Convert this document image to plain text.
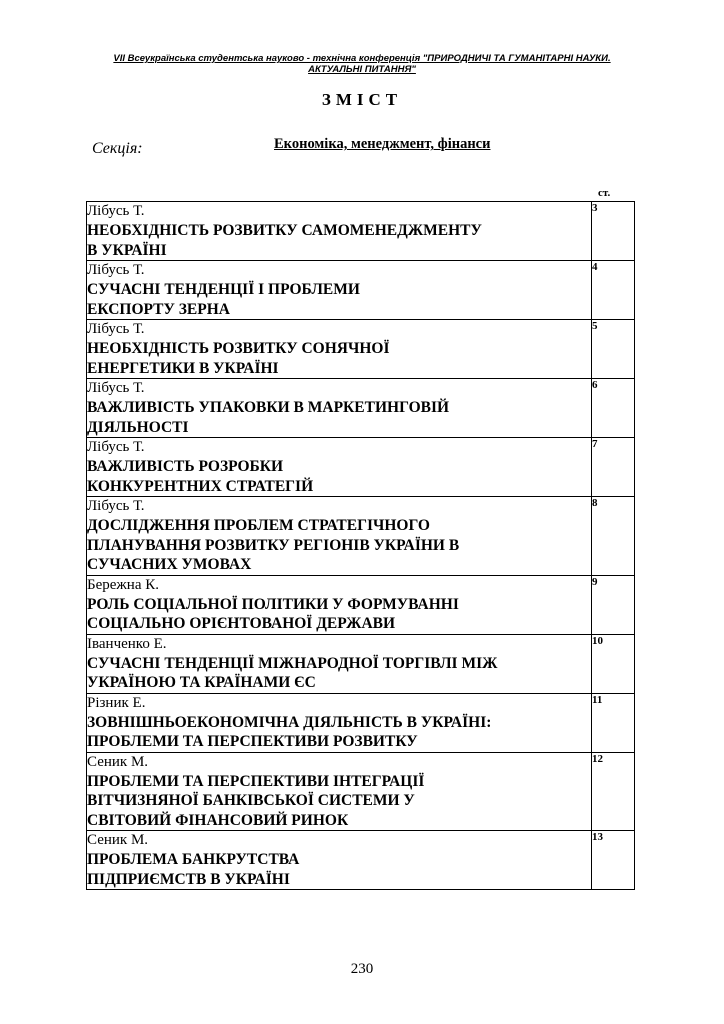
VII Всеукраїнська студентська науково - технічна конференція "ПРИРОДНИЧІ ТА ГУМАНІТАРНІ НАУКИ.
АКТУАЛЬНІ ПИТАННЯ"
ЗМІСТ
Секція:	Економіка, менеджмент, фінанси
ст.
Лібусь Т.
НЕОБХІДНІСТЬ РОЗВИТКУ САМОМЕНЕДЖМЕНТУ
В УКРАЇНІ	3

Лібусь Т.
СУЧАСНІ ТЕНДЕНЦІЇ І ПРОБЛЕМИ
ЕКСПОРТУ ЗЕРНА	4

Лібусь Т.
НЕОБХІДНІСТЬ РОЗВИТКУ СОНЯЧНОЇ
ЕНЕРГЕТИКИ В УКРАЇНІ	5

Лібусь Т.
ВАЖЛИВІСТЬ УПАКОВКИ В МАРКЕТИНГОВІЙ
ДІЯЛЬНОСТІ	6

Лібусь Т.
ВАЖЛИВІСТЬ РОЗРОБКИ
КОНКУРЕНТНИХ СТРАТЕГІЙ	7

Лібусь Т.
ДОСЛІДЖЕННЯ ПРОБЛЕМ СТРАТЕГІЧНОГО
ПЛАНУВАННЯ РОЗВИТКУ РЕГІОНІВ УКРАЇНИ В
СУЧАСНИХ УМОВАХ	8

Бережна К.
РОЛЬ СОЦІАЛЬНОЇ ПОЛІТИКИ У ФОРМУВАННІ
СОЦІАЛЬНО ОРІЄНТОВАНОЇ ДЕРЖАВИ	9

Іванченко Е.
СУЧАСНІ ТЕНДЕНЦІЇ МІЖНАРОДНОЇ ТОРГІВЛІ МІЖ
УКРАЇНОЮ ТА КРАЇНАМИ ЄС	10

Різник Е.
ЗОВНІШНЬОЕКОНОМІЧНА ДІЯЛЬНІСТЬ В УКРАЇНІ:
ПРОБЛЕМИ ТА ПЕРСПЕКТИВИ РОЗВИТКУ	11

Сеник М.
ПРОБЛЕМИ ТА ПЕРСПЕКТИВИ ІНТЕГРАЦІЇ
ВІТЧИЗНЯНОЇ БАНКІВСЬКОЇ СИСТЕМИ У
СВІТОВИЙ ФІНАНСОВИЙ РИНОК	12

Сеник М.
ПРОБЛЕМА БАНКРУТСТВА
ПІДПРИЄМСТВ В УКРАЇНІ	13
230
